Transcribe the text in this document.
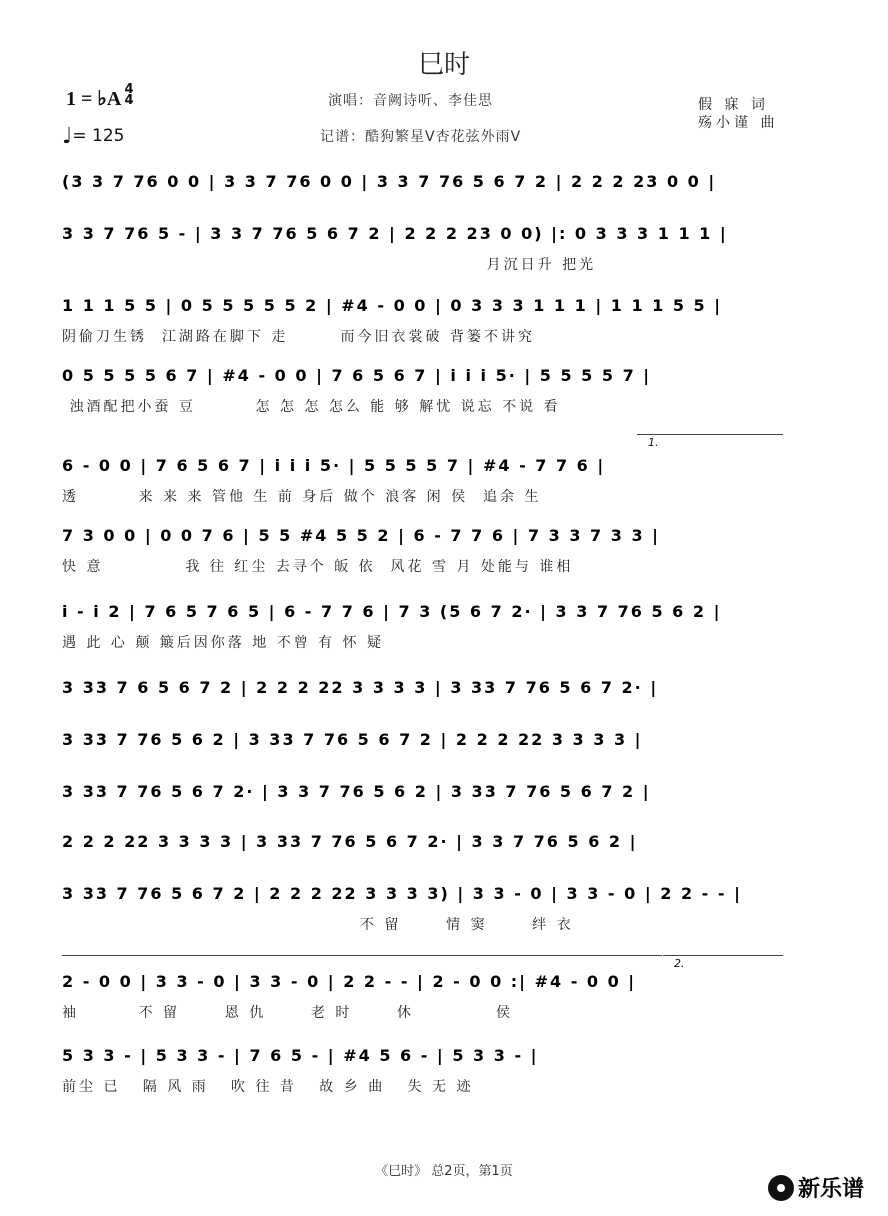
巳时
1 = ♭A 4
4
♩= 125
演唱：音阙诗听、李佳思
记谱：酷狗繁星V杏花弦外雨V
假 寐 词
殇小谨 曲
(3 3 7 76 0 0 | 3 3 7 76 0 0 | 3 3 7 76 5 6 7 2 | 2 2 2 23 0 0 |
3 3 7 76 5 - | 3 3 7 76 5 6 7 2 | 2 2 2 23 0 0) |: 0 3 3 3 1 1 1 |
月沉日升 把光
1 1 1 5 5 | 0 5 5 5 5 5 2 | #4 - 0 0 | 0 3 3 3 1 1 1 | 1 1 1 5 5 |
阴偷刀生锈  江湖路在脚下 走       而今旧衣裳破 背篓不讲究
0 5 5 5 5 6 7 | #4 - 0 0 | 7 6 5 6 7 | i i i 5· | 5 5 5 5 7 |
浊酒配把小蚕 豆        怎 怎 怎 怎么 能 够 解忧 说忘 不说 看
6 - 0 0 | 7 6 5 6 7 | i i i 5· | 5 5 5 5 7 | #4 - 7 7 6 |
透        来 来 来 管他 生 前 身后 做个 浪客 闲 侯  追余 生
7 3 0 0 | 0 0 7 6 | 5 5 #4 5 5 2 | 6 - 7 7 6 | 7 3 3 7 3 3 |
快 意           我 往 红尘 去寻个 皈 依  风花 雪 月 处能与 谁相
i - i 2 | 7 6 5 7 6 5 | 6 - 7 7 6 | 7 3 (5 6 7 2· | 3 3 7 76 5 6 2 |
遇 此 心 颠 簸后因你落 地 不曾 有 怀 疑
3 33 7 6 5 6 7 2 | 2 2 2 22 3 3 3 3 | 3 33 7 76 5 6 7 2· |
3 33 7 76 5 6 2 | 3 33 7 76 5 6 7 2 | 2 2 2 22 3 3 3 3 |
3 33 7 76 5 6 7 2· | 3 3 7 76 5 6 2 | 3 33 7 76 5 6 7 2 |
2 2 2 22 3 3 3 3 | 3 33 7 76 5 6 7 2· | 3 3 7 76 5 6 2 |
3 33 7 76 5 6 7 2 | 2 2 2 22 3 3 3 3) | 3 3 - 0 | 3 3 - 0 | 2 2 - - |
不 留      情 窦      绊 衣
2 - 0 0 | 3 3 - 0 | 3 3 - 0 | 2 2 - - | 2 - 0 0 :| #4 - 0 0 |
袖        不 留      恩 仇      老 时      休           侯
5 3 3 - | 5 3 3 - | 7 6 5 - | #4 5 6 - | 5 3 3 - |
前尘 已   隔 风 雨   吹 往 昔   故 乡 曲   失 无 迹
1.
2.
《巳时》 总2页，第1页
新乐谱
